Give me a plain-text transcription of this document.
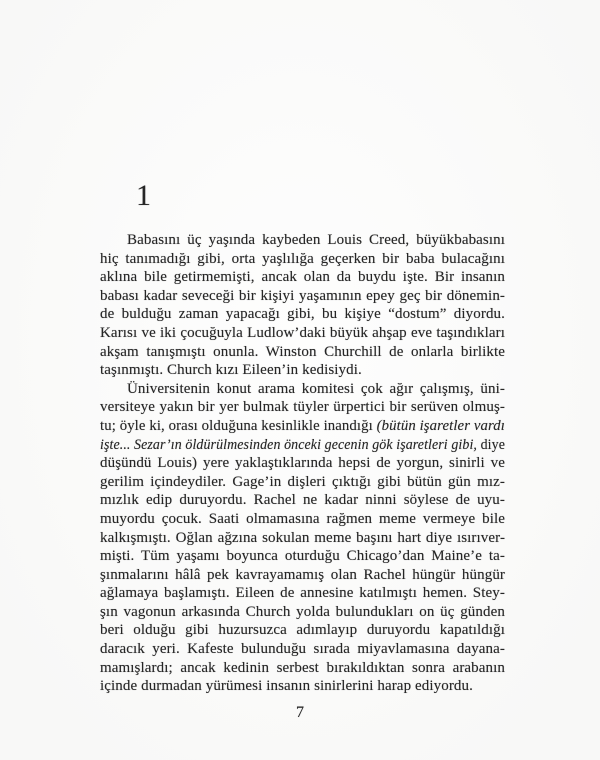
1
Babasını üç yaşında kaybeden Louis Creed, büyükbabasını
hiç tanımadığı gibi, orta yaşlılığa geçerken bir baba bulacağını
aklına bile getirmemişti, ancak olan da buydu işte. Bir insanın
babası kadar seveceği bir kişiyi yaşamının epey geç bir dönemin-
de bulduğu zaman yapacağı gibi, bu kişiye “dostum” diyordu.
Karısı ve iki çocuğuyla Ludlow’daki büyük ahşap eve taşındıkları
akşam tanışmıştı onunla. Winston Churchill de onlarla birlikte
taşınmıştı. Church kızı Eileen’in kedisiydi.
Üniversitenin konut arama komitesi çok ağır çalışmış, üni-
versiteye yakın bir yer bulmak tüyler ürpertici bir serüven olmuş-
tu; öyle ki, orası olduğuna kesinlikle inandığı (bütün işaretler vardı
işte... Sezar’ın öldürülmesinden önceki gecenin gök işaretleri gibi, diye
düşündü Louis) yere yaklaştıklarında hepsi de yorgun, sinirli ve
gerilim içindeydiler. Gage’in dişleri çıktığı gibi bütün gün mız-
mızlık edip duruyordu. Rachel ne kadar ninni söylese de uyu-
muyordu çocuk. Saati olmamasına rağmen meme vermeye bile
kalkışmıştı. Oğlan ağzına sokulan meme başını hart diye ısırıver-
mişti. Tüm yaşamı boyunca oturduğu Chicago’dan Maine’e ta-
şınmalarını hâlâ pek kavrayamamış olan Rachel hüngür hüngür
ağlamaya başlamıştı. Eileen de annesine katılmıştı hemen. Stey-
şın vagonun arkasında Church yolda bulundukları on üç günden
beri olduğu gibi huzursuzca adımlayıp duruyordu kapatıldığı
daracık yeri. Kafeste bulunduğu sırada miyavlamasına dayana-
mamışlardı; ancak kedinin serbest bırakıldıktan sonra arabanın
içinde durmadan yürümesi insanın sinirlerini harap ediyordu.
7
